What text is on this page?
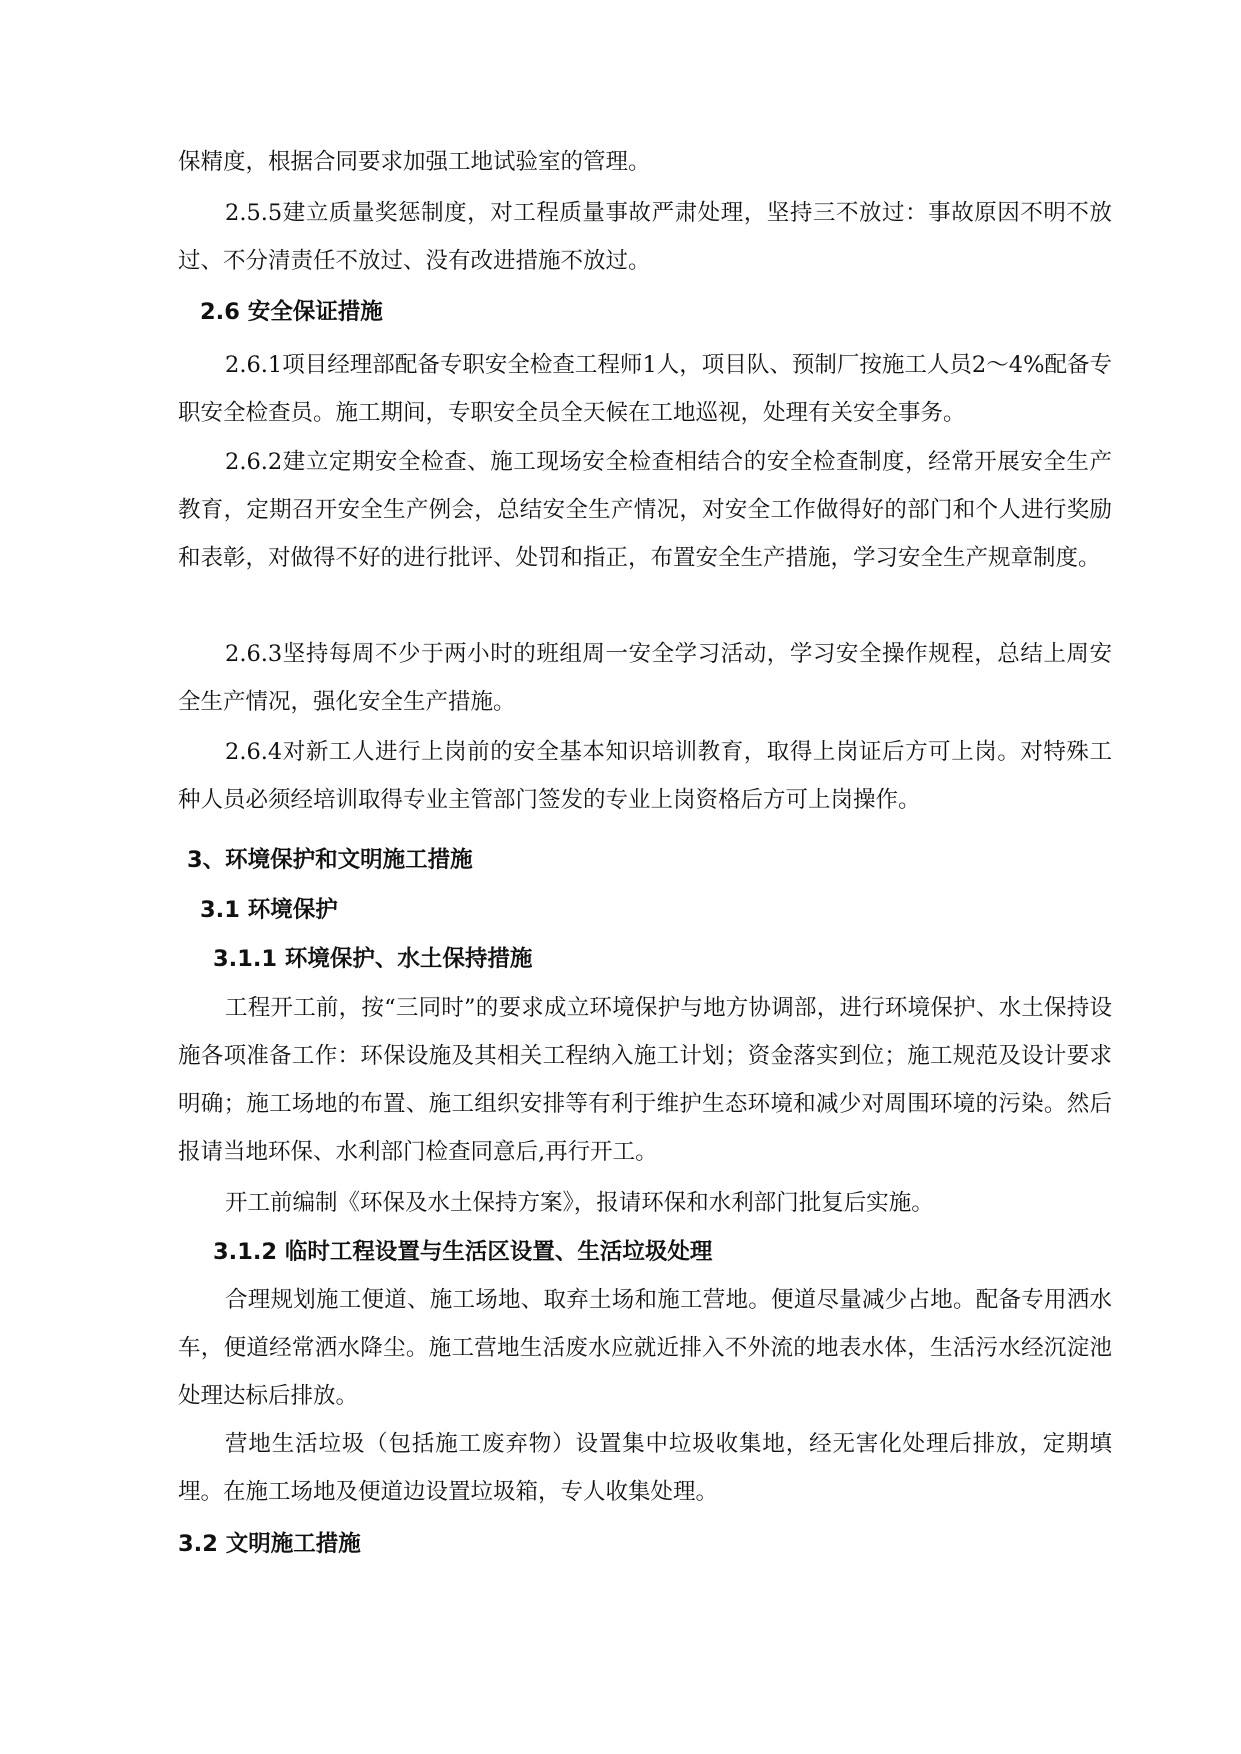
保精度，根据合同要求加强工地试验室的管理。

2.5.5建立质量奖惩制度，对工程质量事故严肃处理，坚持三不放过：事故原因不明不放过、不分清责任不放过、没有改进措施不放过。

2.6 安全保证措施

2.6.1项目经理部配备专职安全检查工程师1人，项目队、预制厂按施工人员2～4%配备专职安全检查员。施工期间，专职安全员全天候在工地巡视，处理有关安全事务。

2.6.2建立定期安全检查、施工现场安全检查相结合的安全检查制度，经常开展安全生产教育，定期召开安全生产例会，总结安全生产情况，对安全工作做得好的部门和个人进行奖励和表彰，对做得不好的进行批评、处罚和指正，布置安全生产措施，学习安全生产规章制度。

2.6.3坚持每周不少于两小时的班组周一安全学习活动，学习安全操作规程，总结上周安全生产情况，强化安全生产措施。

2.6.4对新工人进行上岗前的安全基本知识培训教育，取得上岗证后方可上岗。对特殊工种人员必须经培训取得专业主管部门签发的专业上岗资格后方可上岗操作。

3、环境保护和文明施工措施
3.1 环境保护
3.1.1 环境保护、水土保持措施

工程开工前，按“三同时”的要求成立环境保护与地方协调部，进行环境保护、水土保持设施各项准备工作：环保设施及其相关工程纳入施工计划；资金落实到位；施工规范及设计要求明确；施工场地的布置、施工组织安排等有利于维护生态环境和减少对周围环境的污染。然后报请当地环保、水利部门检查同意后,再行开工。

开工前编制《环保及水土保持方案》，报请环保和水利部门批复后实施。

3.1.2 临时工程设置与生活区设置、生活垃圾处理

合理规划施工便道、施工场地、取弃土场和施工营地。便道尽量减少占地。配备专用洒水车，便道经常洒水降尘。施工营地生活废水应就近排入不外流的地表水体，生活污水经沉淀池处理达标后排放。

营地生活垃圾（包括施工废弃物）设置集中垃圾收集地，经无害化处理后排放，定期填埋。在施工场地及便道边设置垃圾箱，专人收集处理。

3.2 文明施工措施
